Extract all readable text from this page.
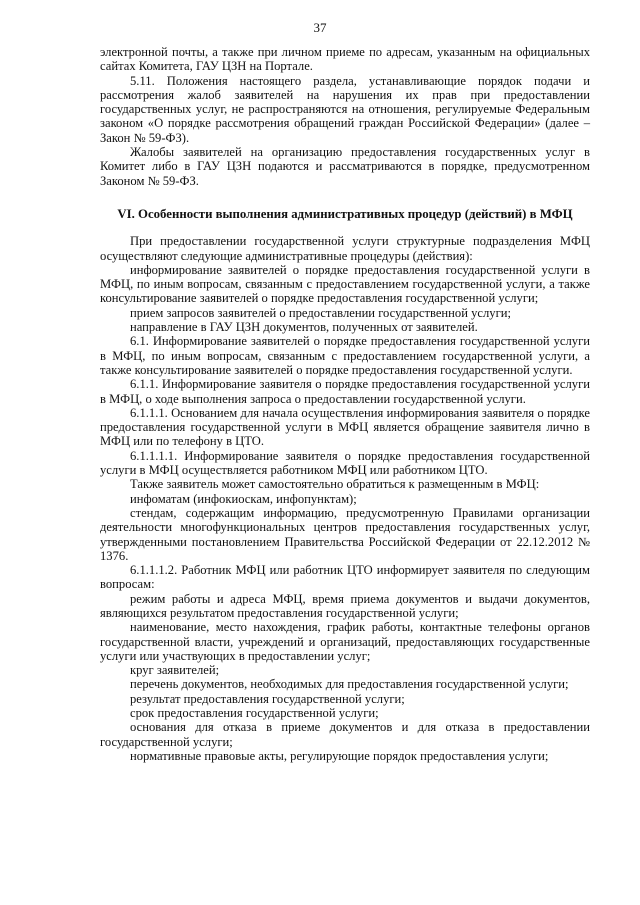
37

электронной почты, а также при личном приеме по адресам, указанным на официальных сайтах Комитета, ГАУ ЦЗН на Портале.

5.11. Положения настоящего раздела, устанавливающие порядок подачи и рассмотрения жалоб заявителей на нарушения их прав при предоставлении государственных услуг, не распространяются на отношения, регулируемые Федеральным законом «О порядке рассмотрения обращений граждан Российской Федерации» (далее – Закон № 59-ФЗ).

Жалобы заявителей на организацию предоставления государственных услуг в Комитет либо в ГАУ ЦЗН подаются и рассматриваются в порядке, предусмотренном Законом № 59-ФЗ.

VI. Особенности выполнения административных процедур (действий) в МФЦ

При предоставлении государственной услуги структурные подразделения МФЦ осуществляют следующие административные процедуры (действия):

информирование заявителей о порядке предоставления государственной услуги в МФЦ, по иным вопросам, связанным с предоставлением государственной услуги, а также консультирование заявителей о порядке предоставления государственной услуги;

прием запросов заявителей о предоставлении государственной услуги;

направление в ГАУ ЦЗН документов, полученных от заявителей.

6.1. Информирование заявителей о порядке предоставления государственной услуги в МФЦ, по иным вопросам, связанным с предоставлением государственной услуги, а также консультирование заявителей о порядке предоставления государственной услуги.

6.1.1. Информирование заявителя о порядке предоставления государственной услуги в МФЦ, о ходе выполнения запроса о предоставлении государственной услуги.

6.1.1.1. Основанием для начала осуществления информирования заявителя о порядке предоставления государственной услуги в МФЦ является обращение заявителя лично в МФЦ или по телефону в ЦТО.

6.1.1.1.1. Информирование заявителя о порядке предоставления государственной услуги в МФЦ осуществляется работником МФЦ или работником ЦТО.

Также заявитель может самостоятельно обратиться к размещенным в МФЦ:

инфоматам (инфокиоскам, инфопунктам);

стендам, содержащим информацию, предусмотренную Правилами организации деятельности многофункциональных центров предоставления государственных услуг, утвержденными постановлением Правительства Российской Федерации от 22.12.2012 № 1376.

6.1.1.1.2. Работник МФЦ или работник ЦТО информирует заявителя по следующим вопросам:

режим работы и адреса МФЦ, время приема документов и выдачи документов, являющихся результатом предоставления государственной услуги;

наименование, место нахождения, график работы, контактные телефоны органов государственной власти, учреждений и организаций, предоставляющих государственные услуги или участвующих в предоставлении услуг;

круг заявителей;

перечень документов, необходимых для предоставления государственной услуги;

результат предоставления государственной услуги;

срок предоставления государственной услуги;

основания для отказа в приеме документов и для отказа в предоставлении государственной услуги;

нормативные правовые акты, регулирующие порядок предоставления услуги;
